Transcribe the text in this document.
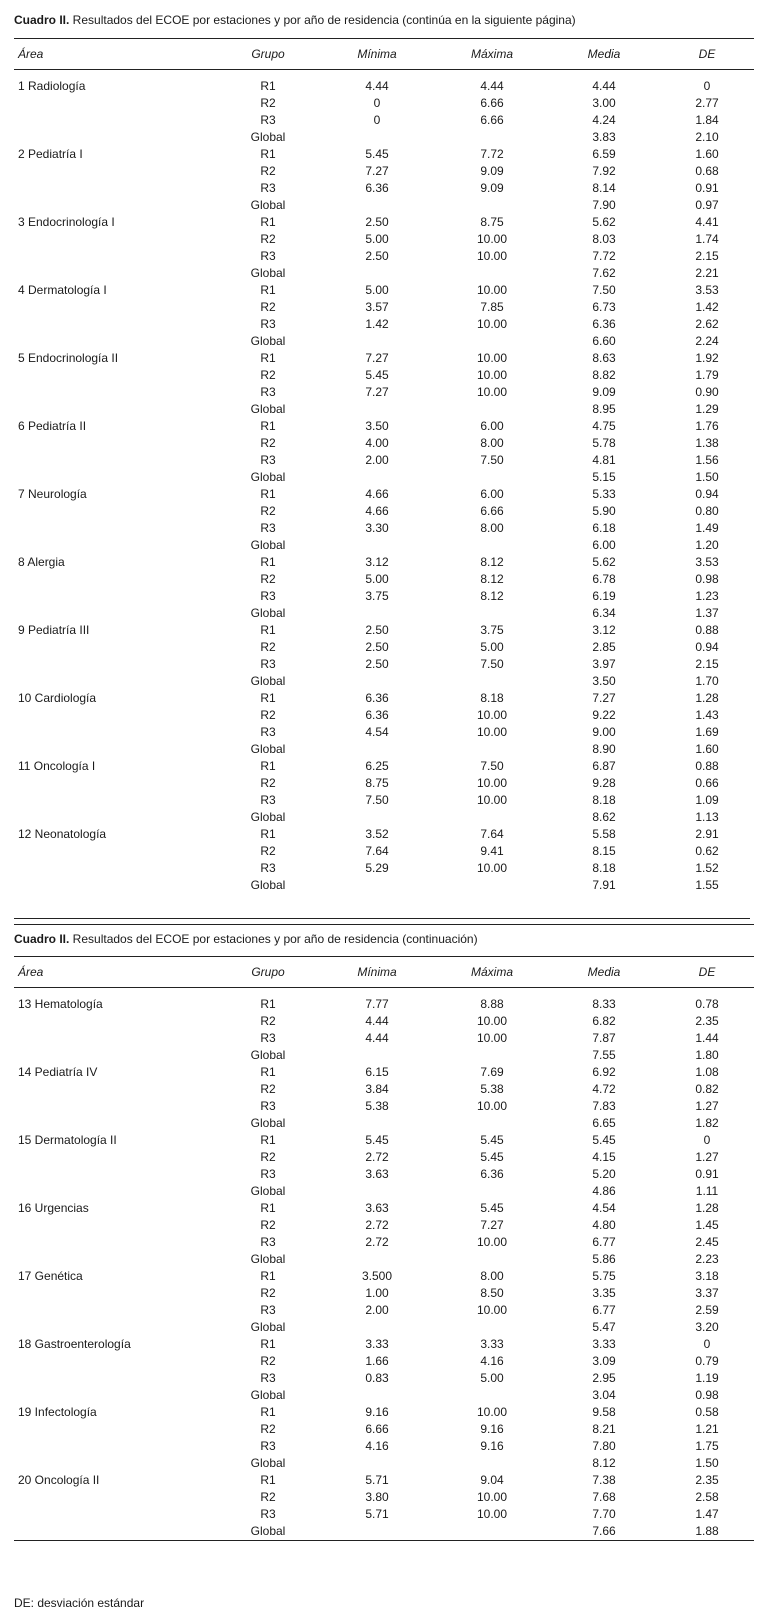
Cuadro II. Resultados del ECOE por estaciones y por año de residencia (continúa en la siguiente página)
Área	Grupo	Mínima	Máxima	Media	DE

1 Radiología	R1	4.44	4.44	4.44	0
	R2	0	6.66	3.00	2.77
	R3	0	6.66	4.24	1.84
	Global			3.83	2.10
2 Pediatría I	R1	5.45	7.72	6.59	1.60
	R2	7.27	9.09	7.92	0.68
	R3	6.36	9.09	8.14	0.91
	Global			7.90	0.97
3 Endocrinología I	R1	2.50	8.75	5.62	4.41
	R2	5.00	10.00	8.03	1.74
	R3	2.50	10.00	7.72	2.15
	Global			7.62	2.21
4 Dermatología I	R1	5.00	10.00	7.50	3.53
	R2	3.57	7.85	6.73	1.42
	R3	1.42	10.00	6.36	2.62
	Global			6.60	2.24
5 Endocrinología II	R1	7.27	10.00	8.63	1.92
	R2	5.45	10.00	8.82	1.79
	R3	7.27	10.00	9.09	0.90
	Global			8.95	1.29
6 Pediatría II	R1	3.50	6.00	4.75	1.76
	R2	4.00	8.00	5.78	1.38
	R3	2.00	7.50	4.81	1.56
	Global			5.15	1.50
7 Neurología	R1	4.66	6.00	5.33	0.94
	R2	4.66	6.66	5.90	0.80
	R3	3.30	8.00	6.18	1.49
	Global			6.00	1.20
8 Alergia	R1	3.12	8.12	5.62	3.53
	R2	5.00	8.12	6.78	0.98
	R3	3.75	8.12	6.19	1.23
	Global			6.34	1.37
9 Pediatría III	R1	2.50	3.75	3.12	0.88
	R2	2.50	5.00	2.85	0.94
	R3	2.50	7.50	3.97	2.15
	Global			3.50	1.70
10 Cardiología	R1	6.36	8.18	7.27	1.28
	R2	6.36	10.00	9.22	1.43
	R3	4.54	10.00	9.00	1.69
	Global			8.90	1.60
11 Oncología I	R1	6.25	7.50	6.87	0.88
	R2	8.75	10.00	9.28	0.66
	R3	7.50	10.00	8.18	1.09
	Global			8.62	1.13
12 Neonatología	R1	3.52	7.64	5.58	2.91
	R2	7.64	9.41	8.15	0.62
	R3	5.29	10.00	8.18	1.52
	Global			7.91	1.55

Cuadro II. Resultados del ECOE por estaciones y por año de residencia (continuación)
Área	Grupo	Mínima	Máxima	Media	DE

13 Hematología	R1	7.77	8.88	8.33	0.78
	R2	4.44	10.00	6.82	2.35
	R3	4.44	10.00	7.87	1.44
	Global			7.55	1.80
14 Pediatría IV	R1	6.15	7.69	6.92	1.08
	R2	3.84	5.38	4.72	0.82
	R3	5.38	10.00	7.83	1.27
	Global			6.65	1.82
15 Dermatología II	R1	5.45	5.45	5.45	0
	R2	2.72	5.45	4.15	1.27
	R3	3.63	6.36	5.20	0.91
	Global			4.86	1.11
16 Urgencias	R1	3.63	5.45	4.54	1.28
	R2	2.72	7.27	4.80	1.45
	R3	2.72	10.00	6.77	2.45
	Global			5.86	2.23
17 Genética	R1	3.500	8.00	5.75	3.18
	R2	1.00	8.50	3.35	3.37
	R3	2.00	10.00	6.77	2.59
	Global			5.47	3.20
18 Gastroenterología	R1	3.33	3.33	3.33	0
	R2	1.66	4.16	3.09	0.79
	R3	0.83	5.00	2.95	1.19
	Global			3.04	0.98
19 Infectología	R1	9.16	10.00	9.58	0.58
	R2	6.66	9.16	8.21	1.21
	R3	4.16	9.16	7.80	1.75
	Global			8.12	1.50
20 Oncología II	R1	5.71	9.04	7.38	2.35
	R2	3.80	10.00	7.68	2.58
	R3	5.71	10.00	7.70	1.47
	Global			7.66	1.88
DE: desviación estándar
